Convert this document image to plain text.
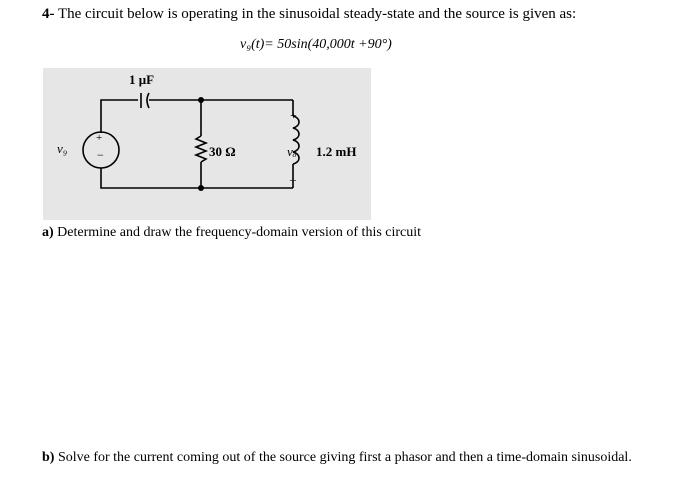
4- The circuit below is operating in the sinusoidal steady-state and the source is given as:
v₉(t)= 50sin(40,000t +90°)
1 μF
v₉
+
−	30 Ω
+
vₒ
–
1.2 mH
a) Determine and draw the frequency-domain version of this circuit
b) Solve for the current coming out of the source giving first a phasor and then a time-domain sinusoidal.
